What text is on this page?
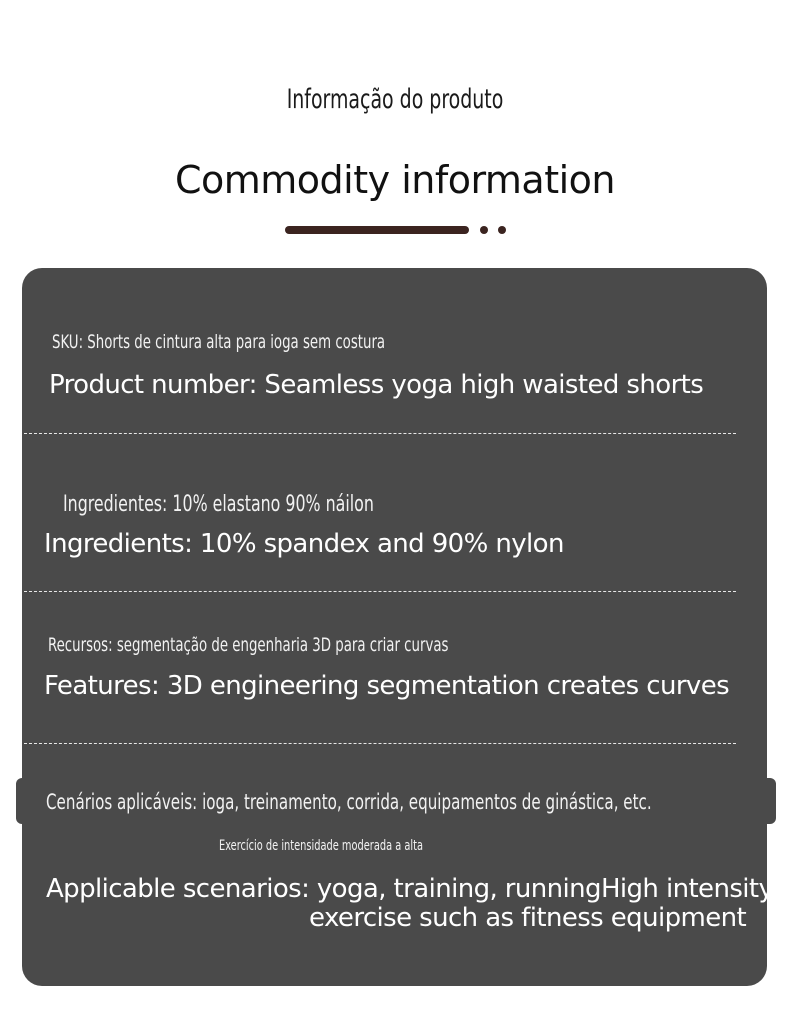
Informação do produto
Commodity information
SKU: Shorts de cintura alta para ioga sem costura
Product number: Seamless yoga high waisted shorts
Ingredientes: 10% elastano 90% náilon
Ingredients: 10% spandex and 90% nylon
Recursos: segmentação de engenharia 3D para criar curvas
Features: 3D engineering segmentation creates curves
Cenários aplicáveis: ioga, treinamento, corrida, equipamentos de ginástica, etc.
Exercício de intensidade moderada a alta
Applicable scenarios: yoga, training, runningHigh intensity
exercise such as fitness equipment
